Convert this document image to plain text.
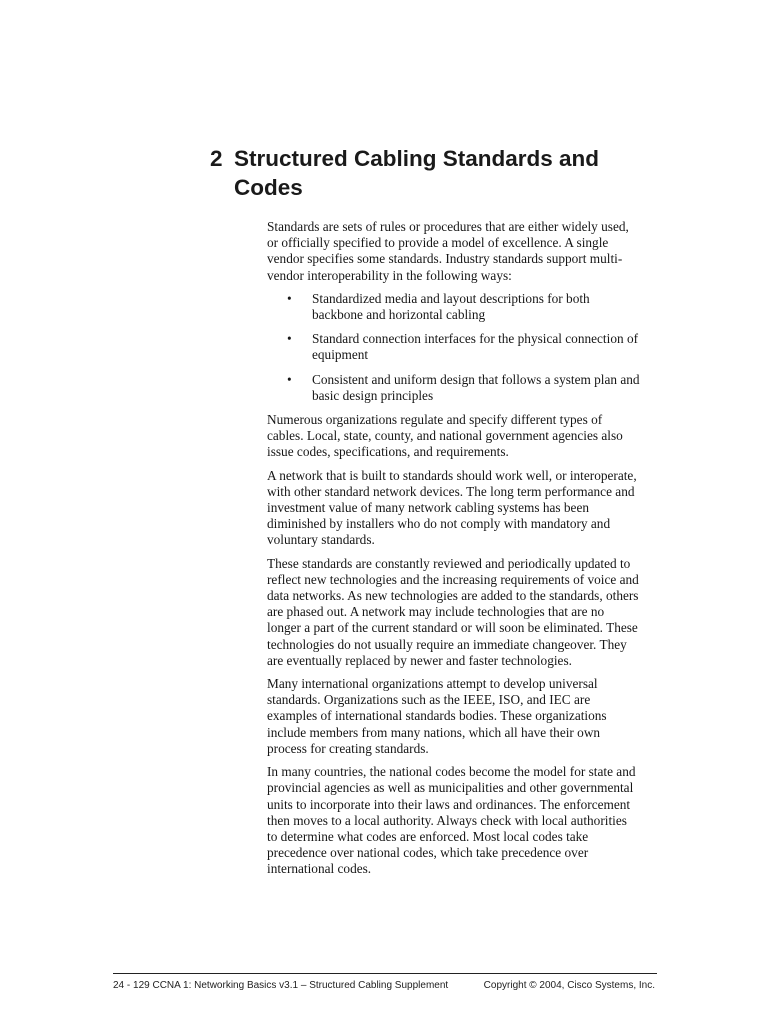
2 Structured Cabling Standards and
Codes

Standards are sets of rules or procedures that are either widely used,
or officially specified to provide a model of excellence. A single
vendor specifies some standards. Industry standards support multi-
vendor interoperability in the following ways:

• Standardized media and layout descriptions for both
backbone and horizontal cabling
• Standard connection interfaces for the physical connection of
equipment
• Consistent and uniform design that follows a system plan and
basic design principles

Numerous organizations regulate and specify different types of
cables. Local, state, county, and national government agencies also
issue codes, specifications, and requirements.

A network that is built to standards should work well, or interoperate,
with other standard network devices. The long term performance and
investment value of many network cabling systems has been
diminished by installers who do not comply with mandatory and
voluntary standards.

These standards are constantly reviewed and periodically updated to
reflect new technologies and the increasing requirements of voice and
data networks. As new technologies are added to the standards, others
are phased out. A network may include technologies that are no
longer a part of the current standard or will soon be eliminated. These
technologies do not usually require an immediate changeover. They
are eventually replaced by newer and faster technologies.

Many international organizations attempt to develop universal
standards. Organizations such as the IEEE, ISO, and IEC are
examples of international standards bodies. These organizations
include members from many nations, which all have their own
process for creating standards.

In many countries, the national codes become the model for state and
provincial agencies as well as municipalities and other governmental
units to incorporate into their laws and ordinances. The enforcement
then moves to a local authority. Always check with local authorities
to determine what codes are enforced. Most local codes take
precedence over national codes, which take precedence over
international codes.

24 - 129 CCNA 1: Networking Basics v3.1 – Structured Cabling Supplement	Copyright © 2004, Cisco Systems, Inc.
